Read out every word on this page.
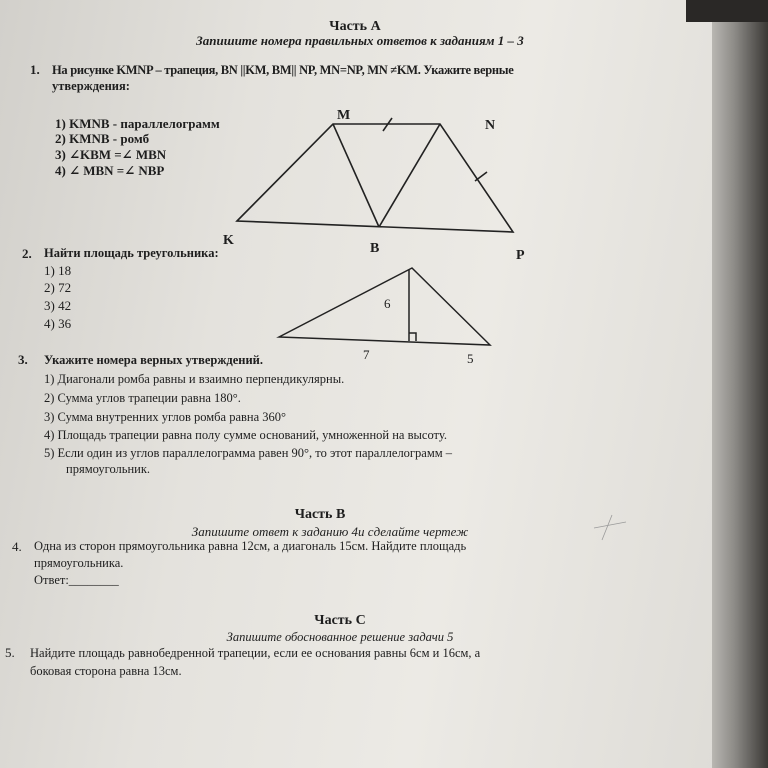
Часть А
Запишите номера правильных ответов к заданиям 1 – 3
1. На рисунке KMNP – трапеция, BN ||KM, BM|| NP, MN=NP, MN ≠KM. Укажите верные
утверждения:
1) KMNB - параллелограмм
2) KMNB - ромб
3) ∠KBM =∠ MBN
4) ∠ MBN =∠ NBP
M
N
K
B	P
2. Найти площадь треугольника:
1) 18
2) 72
3) 42
4) 36
6
7	5
3. Укажите номера верных утверждений.
1) Диагонали ромба равны и взаимно перпендикулярны.
2) Сумма углов трапеции равна 180°.
3) Сумма внутренних углов ромба равна 360°
4) Площадь трапеции равна полу сумме оснований, умноженной на высоту.
5) Если один из углов параллелограмма равен 90°, то этот параллелограмм –
прямоугольник.
Часть В
Запишите ответ к заданию 4и сделайте чертеж
4. Одна из сторон прямоугольника равна 12см, а диагональ 15см. Найдите площадь
прямоугольника.
Ответ:________
Часть С
Запишите обоснованное решение задачи 5
5. Найдите площадь равнобедренной трапеции, если ее основания равны 6см и 16см, а
боковая сторона равна 13см.
